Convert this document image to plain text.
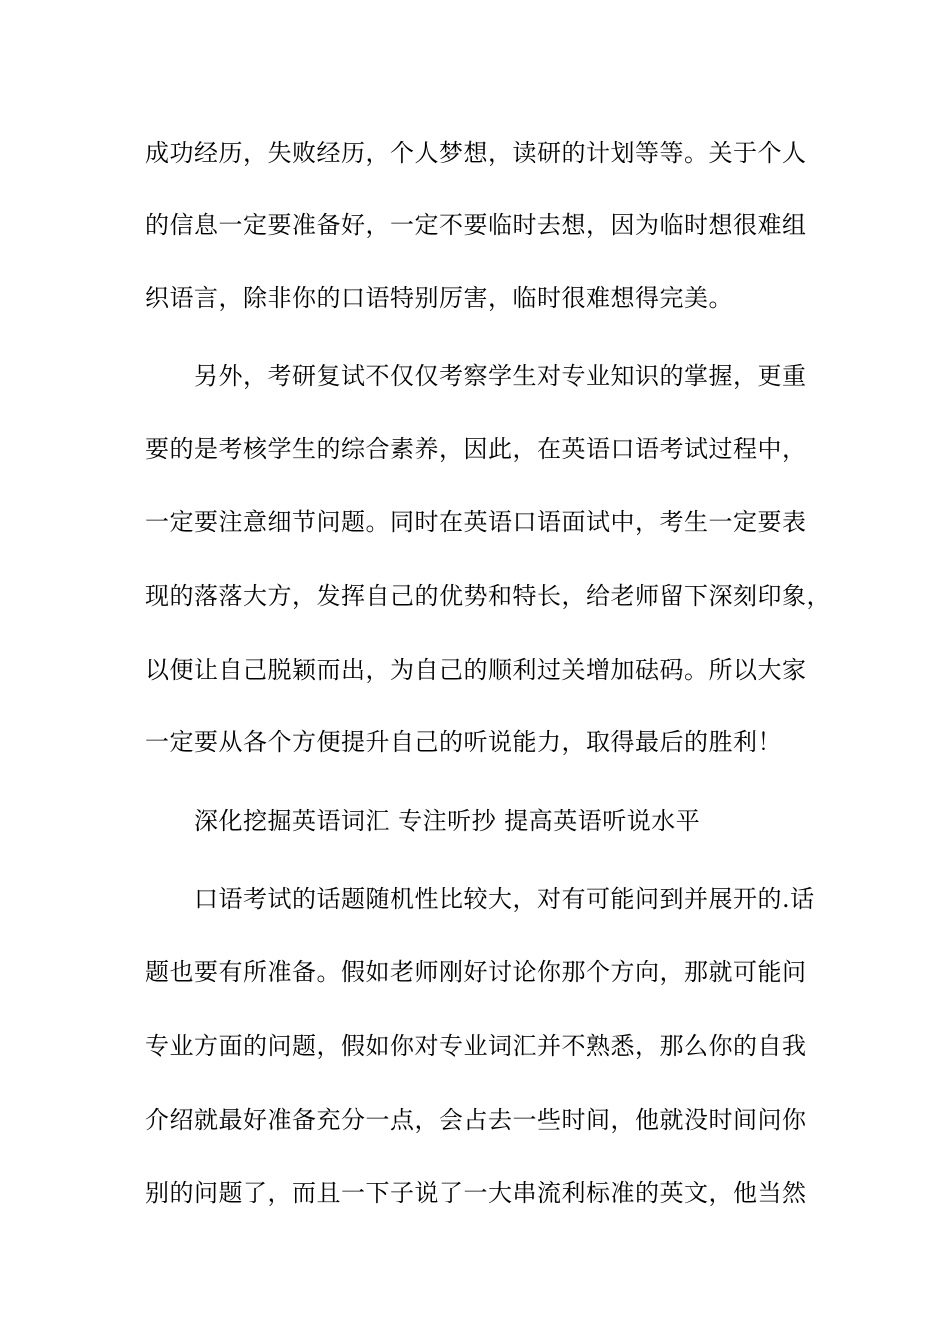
成功经历，失败经历，个人梦想，读研的计划等等。关于个人
的信息一定要准备好，一定不要临时去想，因为临时想很难组
织语言，除非你的口语特别厉害，临时很难想得完美。
另外，考研复试不仅仅考察学生对专业知识的掌握，更重
要的是考核学生的综合素养，因此，在英语口语考试过程中，
一定要注意细节问题。同时在英语口语面试中，考生一定要表
现的落落大方，发挥自己的优势和特长，给老师留下深刻印象，
以便让自己脱颖而出，为自己的顺利过关增加砝码。所以大家
一定要从各个方便提升自己的听说能力，取得最后的胜利！
深化挖掘英语词汇 专注听抄 提高英语听说水平
口语考试的话题随机性比较大，对有可能问到并展开的.话
题也要有所准备。假如老师刚好讨论你那个方向，那就可能问
专业方面的问题，假如你对专业词汇并不熟悉，那么你的自我
介绍就最好准备充分一点，会占去一些时间，他就没时间问你
别的问题了，而且一下子说了一大串流利标准的英文，他当然
